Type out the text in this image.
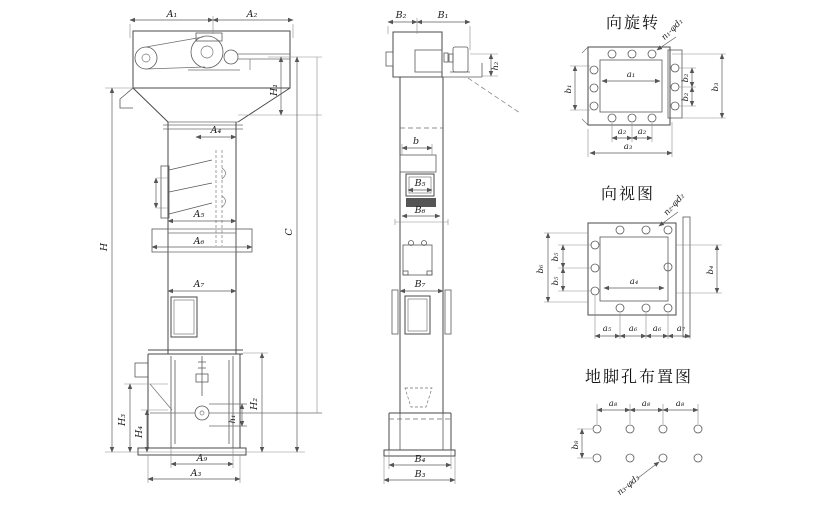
A₁	A₂
H₁
C
A₄
A₅
A₆
A₇
H
H₂
H₃
H₄
h₁
A₉
A₃
B₂	B₁
h₂
b
B₅
B₆
B₇
B₄
B₃
向旋转 n₁-φd₁
a₁
b₁
b₂
b₂
b₃
a₂ a₂
a₃
向视图 n₂-φd₂
a₄
b₄
b₆
b₅
b₅
a₅ a₆ a₆ a₇
地脚孔布置图
a₈	a₈	a₈
b₈
n₃-φd₃
